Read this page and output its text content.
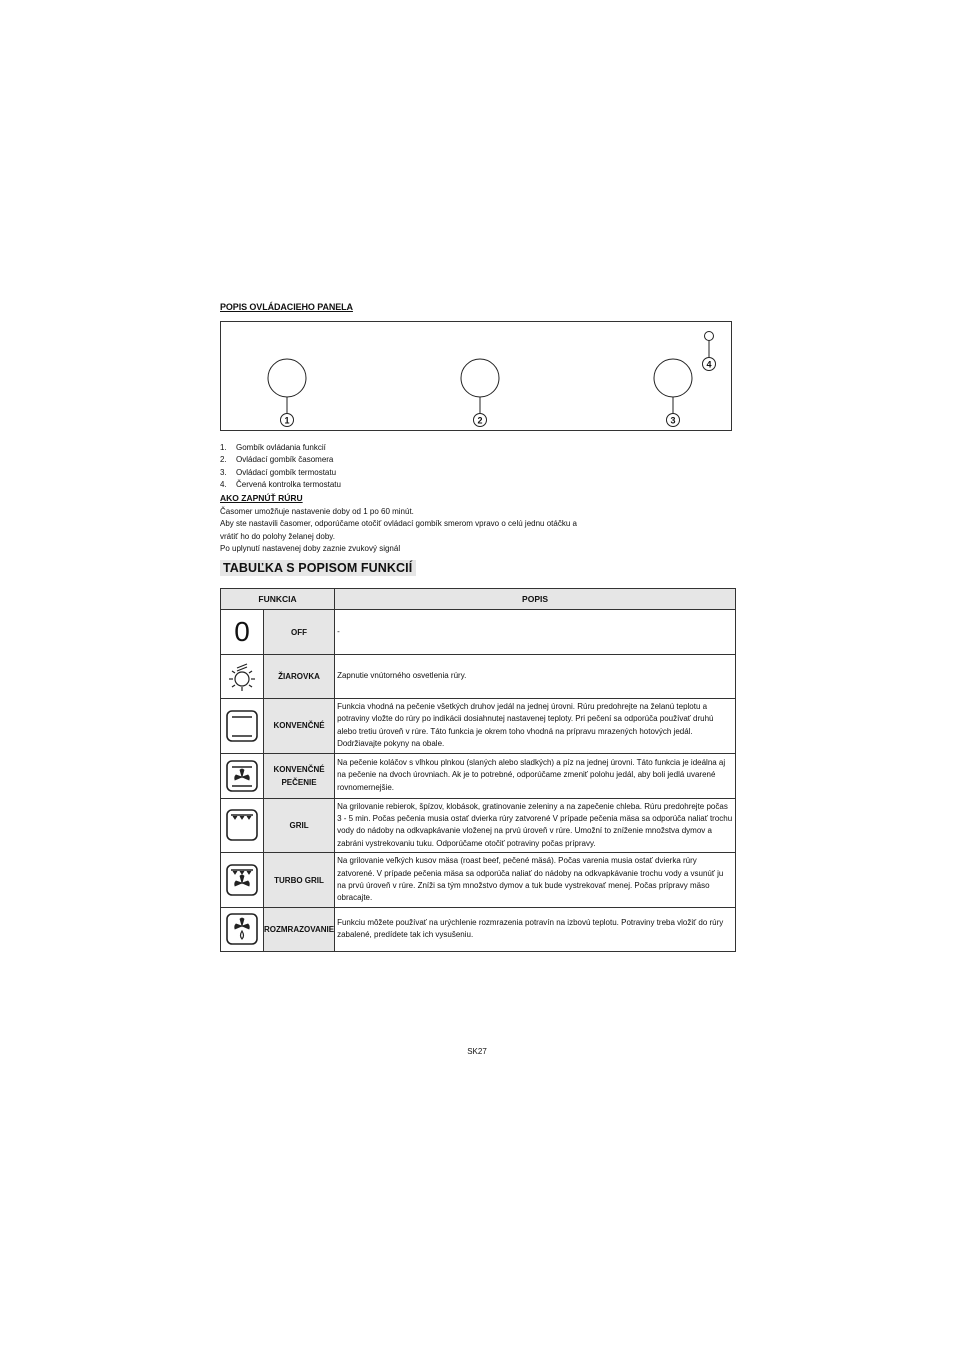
POPIS OVLÁDACIEHO PANELA
1	2	3
4
1.	Gombík ovládania funkcií
2.	Ovládací gombík časomera
3.	Ovládací gombík termostatu
4.	Červená kontrolka termostatu
AKO ZAPNÚŤ RÚRU

Časomer umožňuje nastavenie doby od 1 po 60 minút.

Aby ste nastavili časomer, odporúčame otočiť ovládací gombík smerom vpravo o celú jednu otáčku a

vrátiť ho do polohy želanej doby.

Po uplynutí nastavenej doby zaznie zvukový signál

TABUĽKA S POPISOM FUNKCIÍ
FUNKCIA		POPIS
0	OFF	-

	ŽIAROVKA	Zapnutie vnútorného osvetlenia rúry.

	KONVENČNÉ	Funkcia vhodná na pečenie všetkých druhov jedál na jednej úrovni. Rúru predohrejte na želanú teplotu a potraviny vložte do rúry po indikácii dosiahnutej nastavenej teploty. Pri pečení sa odporúča používať druhú alebo tretiu úroveň v rúre. Táto funkcia je okrem toho vhodná na prípravu mrazených hotových jedál. Dodržiavajte pokyny na obale.

	KONVENČNÉ PEČENIE	Na pečenie koláčov s vlhkou plnkou (slaných alebo sladkých) a píz na jednej úrovni. Táto funkcia je ideálna aj na pečenie na dvoch úrovniach. Ak je to potrebné, odporúčame zmeniť polohu jedál, aby boli jedlá uvarené rovnomernejšie.

	GRIL	Na grilovanie rebierok, špízov, klobások, gratinovanie zeleniny a na zapečenie chleba. Rúru predohrejte počas 3 - 5 min. Počas pečenia musia ostať dvierka rúry zatvorené V prípade pečenia mäsa sa odporúča naliať trochu vody do nádoby na odkvapkávanie vloženej na prvú úroveň v rúre. Umožní to zníženie množstva dymov a zabráni vystrekovaniu tuku. Odporúčame otočiť potraviny počas prípravy.

	TURBO GRIL	Na grilovanie veľkých kusov mäsa (roast beef, pečené mäsá). Počas varenia musia ostať dvierka rúry zatvorené. V prípade pečenia mäsa sa odporúča naliať do nádoby na odkvapkávanie trochu vody a vsunúť ju na prvú úroveň v rúre. Zníži sa tým množstvo dymov a tuk bude vystrekovať menej. Počas prípravy mäso obracajte.

	ROZMRAZOVANIE	Funkciu môžete používať na urýchlenie rozmrazenia potravín na izbovú teplotu. Potraviny treba vložiť do rúry zabalené, predídete tak ich vysušeniu.
SK27
